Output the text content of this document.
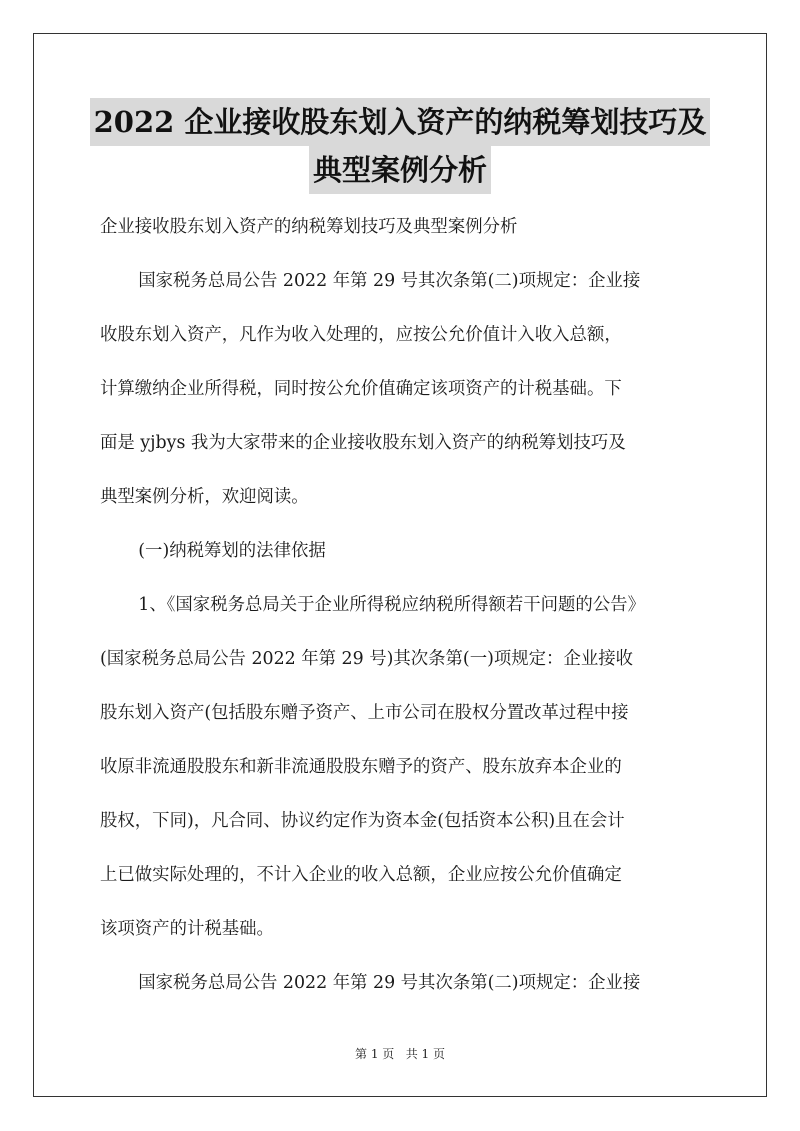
2022 企业接收股东划入资产的纳税筹划技巧及
典型案例分析
企业接收股东划入资产的纳税筹划技巧及典型案例分析
国家税务总局公告 2022 年第 29 号其次条第(二)项规定：企业接
收股东划入资产，凡作为收入处理的，应按公允价值计入收入总额，
计算缴纳企业所得税，同时按公允价值确定该项资产的计税基础。下
面是 yjbys 我为大家带来的企业接收股东划入资产的纳税筹划技巧及
典型案例分析，欢迎阅读。
(一)纳税筹划的法律依据
1、《国家税务总局关于企业所得税应纳税所得额若干问题的公告》
(国家税务总局公告 2022 年第 29 号)其次条第(一)项规定：企业接收
股东划入资产(包括股东赠予资产、上市公司在股权分置改革过程中接
收原非流通股股东和新非流通股股东赠予的资产、股东放弃本企业的
股权，下同)，凡合同、协议约定作为资本金(包括资本公积)且在会计
上已做实际处理的，不计入企业的收入总额，企业应按公允价值确定
该项资产的计税基础。
国家税务总局公告 2022 年第 29 号其次条第(二)项规定：企业接
第 1 页   共 1 页
